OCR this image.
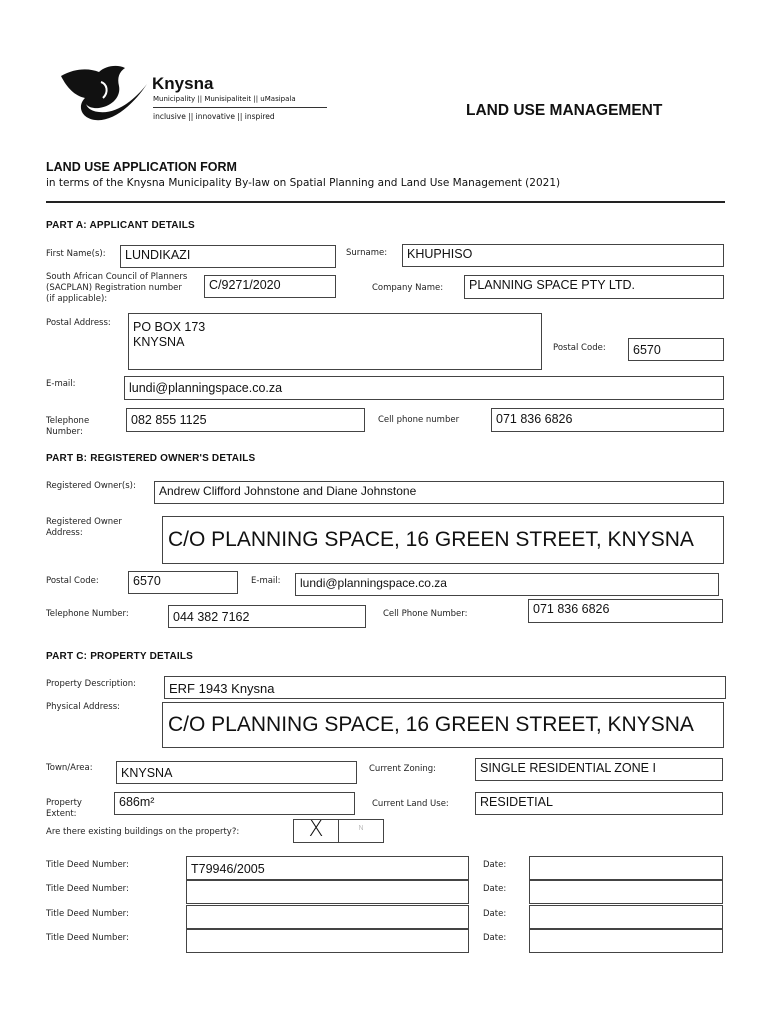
Knysna
Municipality || Munisipaliteit || uMasipala
inclusive || innovative || inspired	LAND USE MANAGEMENT
LAND USE APPLICATION FORM
in terms of the Knysna Municipality By-law on Spatial Planning and Land Use Management (2021)
PART A: APPLICANT DETAILS
First Name(s):	LUNDIKAZI	Surname:	KHUPHISO
South African Council of Planners
(SACPLAN) Registration number
(if applicable):
C/9271/2020	Company Name:	PLANNING SPACE PTY LTD.
Postal Address: PO BOX 173
KNYSNA	Postal Code:	6570
E-mail:	lundi@planningspace.co.za
Telephone
Number:
082 855 1125	Cell phone number	071 836 6826
PART B: REGISTERED OWNER'S DETAILS
Registered Owner(s):	Andrew Clifford Johnstone and Diane Johnstone
Registered Owner
Address:	C/O PLANNING SPACE, 16 GREEN STREET, KNYSNA
Postal Code:	6570	E-mail:	lundi@planningspace.co.za
Telephone Number:	044 382 7162	Cell Phone Number:	071 836 6826
PART C: PROPERTY DETAILS
Property Description:	ERF 1943 Knysna
Physical Address:
C/O PLANNING SPACE, 16 GREEN STREET, KNYSNA
Town/Area:	KNYSNA	Current Zoning:	SINGLE RESIDENTIAL ZONE I
Property
Extent:
686m²	Current Land Use:	RESIDETIAL
Are there existing buildings on the property?:	X	N
Title Deed Number:	T79946/2005	Date:
Title Deed Number:	Date:
Title Deed Number:	Date:
Title Deed Number:	Date:
